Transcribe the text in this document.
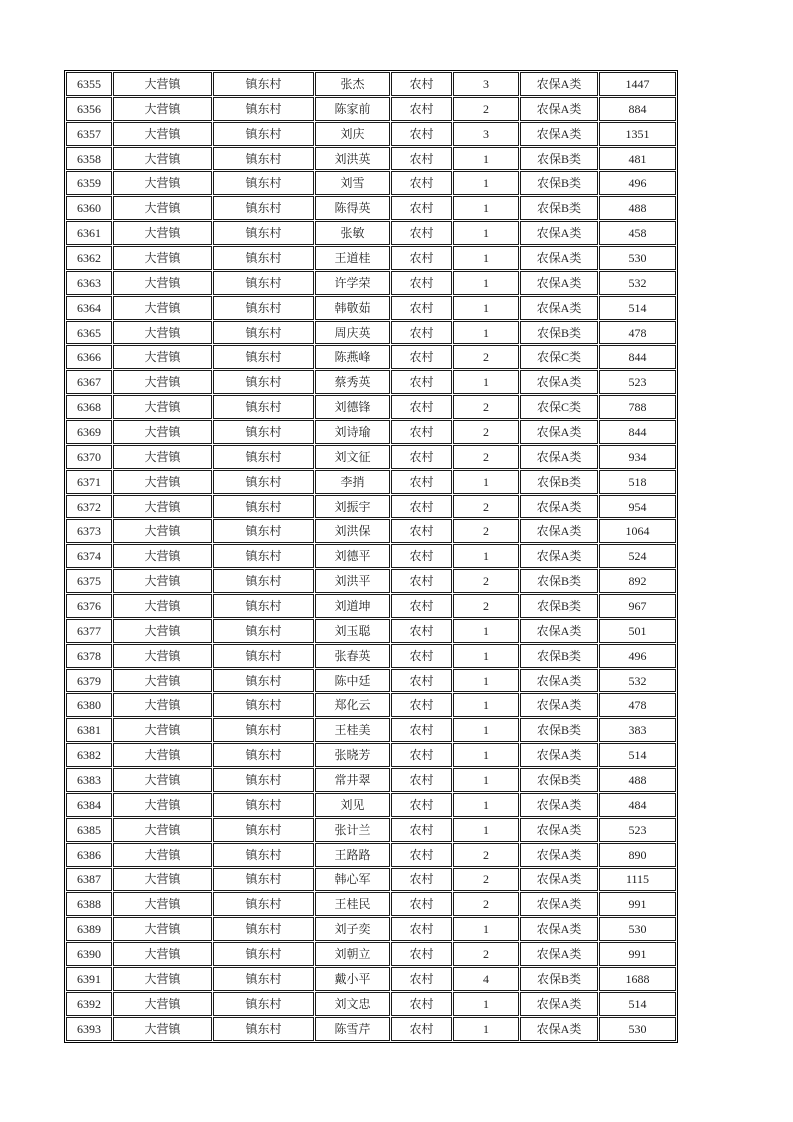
6355	大营镇	镇东村	张杰	农村	3	农保A类	1447
6356	大营镇	镇东村	陈家前	农村	2	农保A类	884
6357	大营镇	镇东村	刘庆	农村	3	农保A类	1351
6358	大营镇	镇东村	刘洪英	农村	1	农保B类	481
6359	大营镇	镇东村	刘雪	农村	1	农保B类	496
6360	大营镇	镇东村	陈得英	农村	1	农保B类	488
6361	大营镇	镇东村	张敏	农村	1	农保A类	458
6362	大营镇	镇东村	王道桂	农村	1	农保A类	530
6363	大营镇	镇东村	许学荣	农村	1	农保A类	532
6364	大营镇	镇东村	韩敬茹	农村	1	农保A类	514
6365	大营镇	镇东村	周庆英	农村	1	农保B类	478
6366	大营镇	镇东村	陈燕峰	农村	2	农保C类	844
6367	大营镇	镇东村	蔡秀英	农村	1	农保A类	523
6368	大营镇	镇东村	刘德锋	农村	2	农保C类	788
6369	大营镇	镇东村	刘诗瑜	农村	2	农保A类	844
6370	大营镇	镇东村	刘文征	农村	2	农保A类	934
6371	大营镇	镇东村	李捎	农村	1	农保B类	518
6372	大营镇	镇东村	刘振宇	农村	2	农保A类	954
6373	大营镇	镇东村	刘洪保	农村	2	农保A类	1064
6374	大营镇	镇东村	刘德平	农村	1	农保A类	524
6375	大营镇	镇东村	刘洪平	农村	2	农保B类	892
6376	大营镇	镇东村	刘道坤	农村	2	农保B类	967
6377	大营镇	镇东村	刘玉聪	农村	1	农保A类	501
6378	大营镇	镇东村	张春英	农村	1	农保B类	496
6379	大营镇	镇东村	陈中廷	农村	1	农保A类	532
6380	大营镇	镇东村	郑化云	农村	1	农保A类	478
6381	大营镇	镇东村	王桂美	农村	1	农保B类	383
6382	大营镇	镇东村	张晓芳	农村	1	农保A类	514
6383	大营镇	镇东村	常井翠	农村	1	农保B类	488
6384	大营镇	镇东村	刘见	农村	1	农保A类	484
6385	大营镇	镇东村	张计兰	农村	1	农保A类	523
6386	大营镇	镇东村	王路路	农村	2	农保A类	890
6387	大营镇	镇东村	韩心军	农村	2	农保A类	1115
6388	大营镇	镇东村	王桂民	农村	2	农保A类	991
6389	大营镇	镇东村	刘子奕	农村	1	农保A类	530
6390	大营镇	镇东村	刘朝立	农村	2	农保A类	991
6391	大营镇	镇东村	戴小平	农村	4	农保B类	1688
6392	大营镇	镇东村	刘文忠	农村	1	农保A类	514
6393	大营镇	镇东村	陈雪芹	农村	1	农保A类	530
